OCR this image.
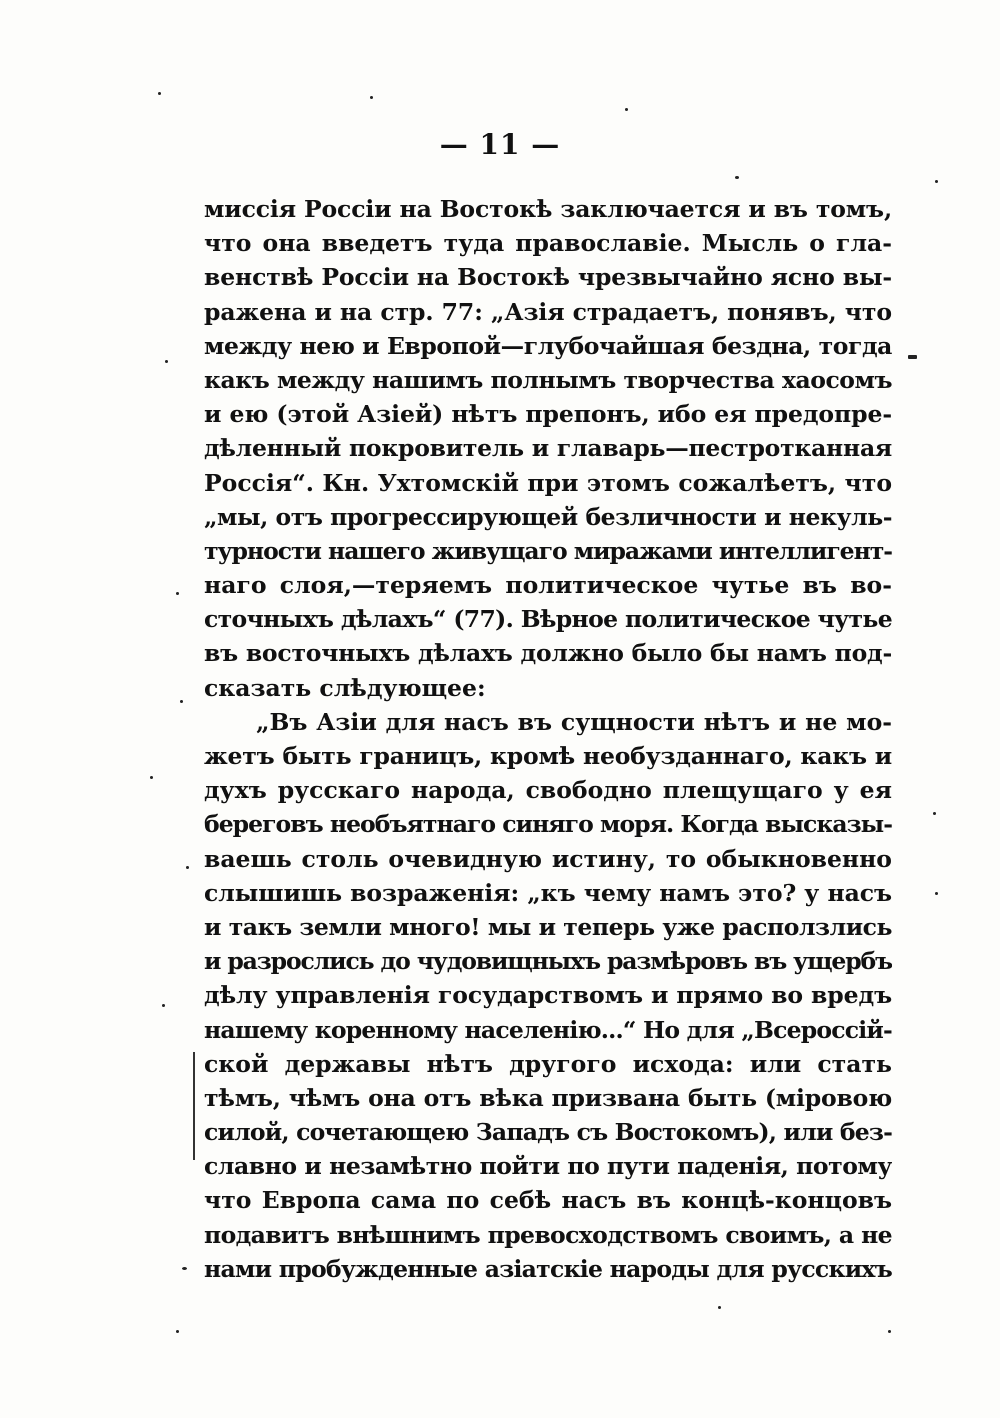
— 11 —
миссія Россіи на Востокѣ заключается и въ томъ,
что она введетъ туда православіе. Мысль о гла-
венствѣ Россіи на Востокѣ чрезвычайно ясно вы-
ражена и на стр. 77: „Азія страдаетъ, понявъ, что
между нею и Европой—глубочайшая бездна, тогда
какъ между нашимъ полнымъ творчества хаосомъ
и ею (этой Азіей) нѣтъ препонъ, ибо ея предопре-
дѣленный покровитель и главарь—пестротканная
Россія“. Кн. Ухтомскій при этомъ сожалѣетъ, что
„мы, отъ прогрессирующей безличности и некуль-
турности нашего живущаго миражами интеллигент-
наго слоя,—теряемъ политическое чутье въ во-
сточныхъ дѣлахъ“ (77). Вѣрное политическое чутье
въ восточныхъ дѣлахъ должно было бы намъ под-
сказать слѣдующее:
„Въ Азіи для насъ въ сущности нѣтъ и не мо-
жетъ быть границъ, кромѣ необузданнаго, какъ и
духъ русскаго народа, свободно плещущаго у ея
береговъ необъятнаго синяго моря. Когда высказы-
ваешь столь очевидную истину, то обыкновенно
слышишь возраженія: „къ чему намъ это? у насъ
и такъ земли много! мы и теперь уже расползлись
и разрослись до чудовищныхъ размѣровъ въ ущербъ
дѣлу управленія государствомъ и прямо во вредъ
нашему коренному населенію...“ Но для „Всероссій-
ской державы нѣтъ другого исхода: или стать
тѣмъ, чѣмъ она отъ вѣка призвана быть (міровою
силой, сочетающею Западъ съ Востокомъ), или без-
славно и незамѣтно пойти по пути паденія, потому
что Европа сама по себѣ насъ въ концѣ-концовъ
подавитъ внѣшнимъ превосходствомъ своимъ, а не
нами пробужденные азіатскіе народы для русскихъ
